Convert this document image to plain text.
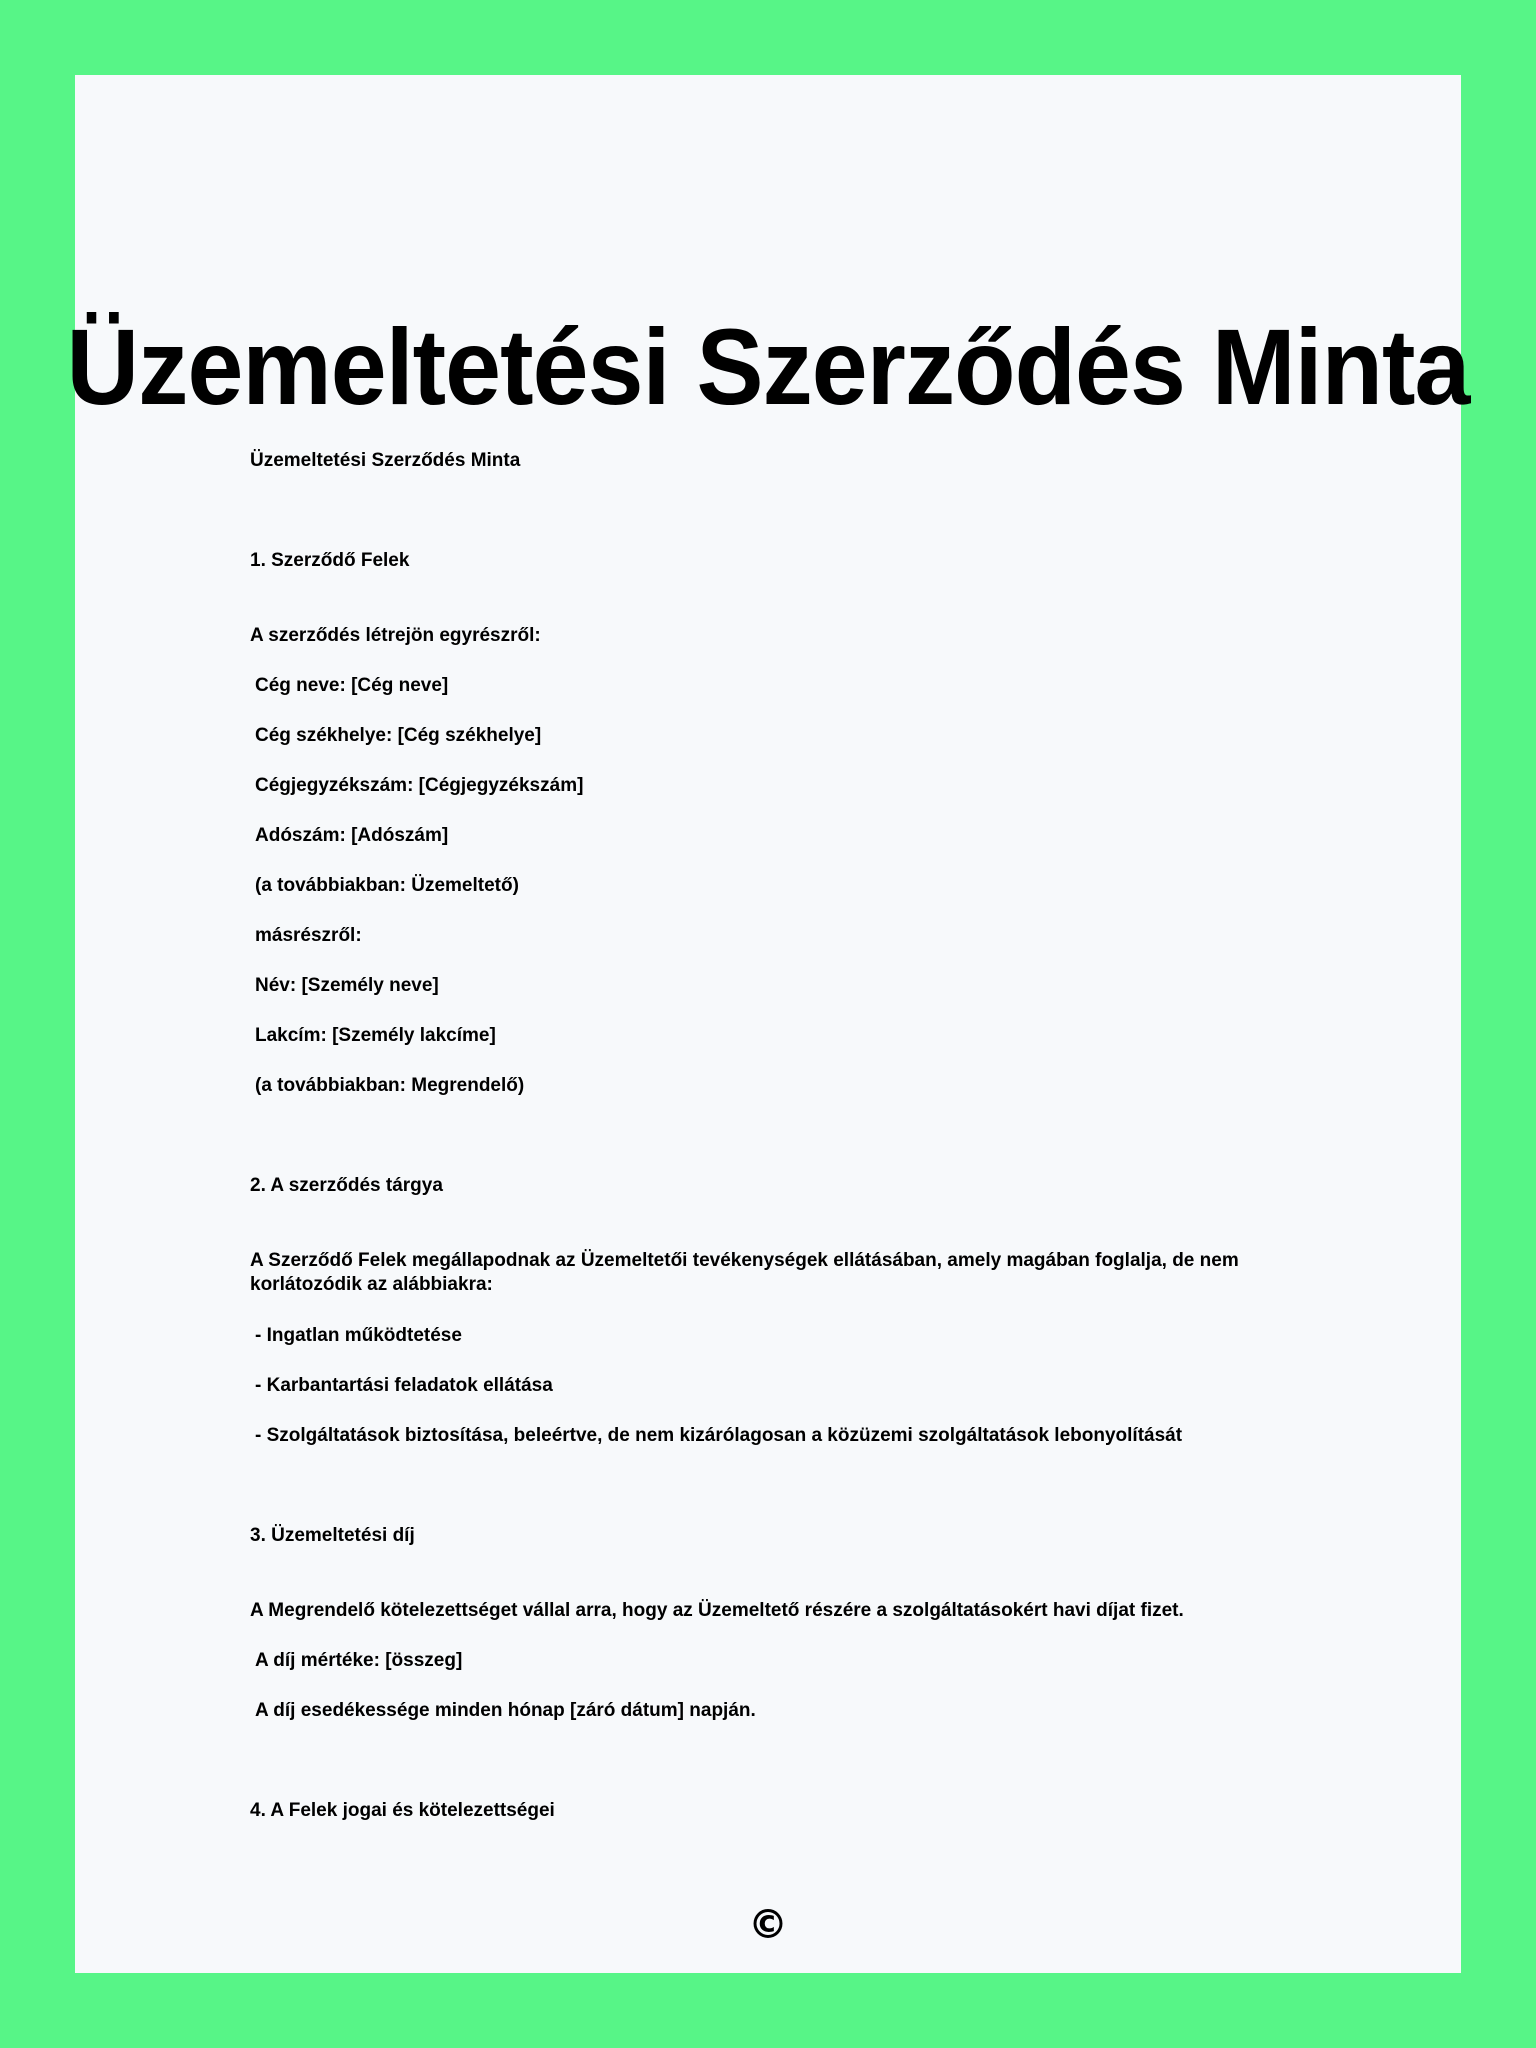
Üzemeltetési Szerződés Minta
Üzemeltetési Szerződés Minta
1. Szerződő Felek
A szerződés létrejön egyrészről:
Cég neve: [Cég neve]
Cég székhelye: [Cég székhelye]
Cégjegyzékszám: [Cégjegyzékszám]
Adószám: [Adószám]
(a továbbiakban: Üzemeltető)
másrészről:
Név: [Személy neve]
Lakcím: [Személy lakcíme]
(a továbbiakban: Megrendelő)
2. A szerződés tárgya
A Szerződő Felek megállapodnak az Üzemeltetői tevékenységek ellátásában, amely magában foglalja, de nem korlátozódik az alábbiakra:
- Ingatlan működtetése
- Karbantartási feladatok ellátása
- Szolgáltatások biztosítása, beleértve, de nem kizárólagosan a közüzemi szolgáltatások lebonyolítását
3. Üzemeltetési díj
A Megrendelő kötelezettséget vállal arra, hogy az Üzemeltető részére a szolgáltatásokért havi díjat fizet.
A díj mértéke: [összeg]
A díj esedékessége minden hónap [záró dátum] napján.
4. A Felek jogai és kötelezettségei
©
